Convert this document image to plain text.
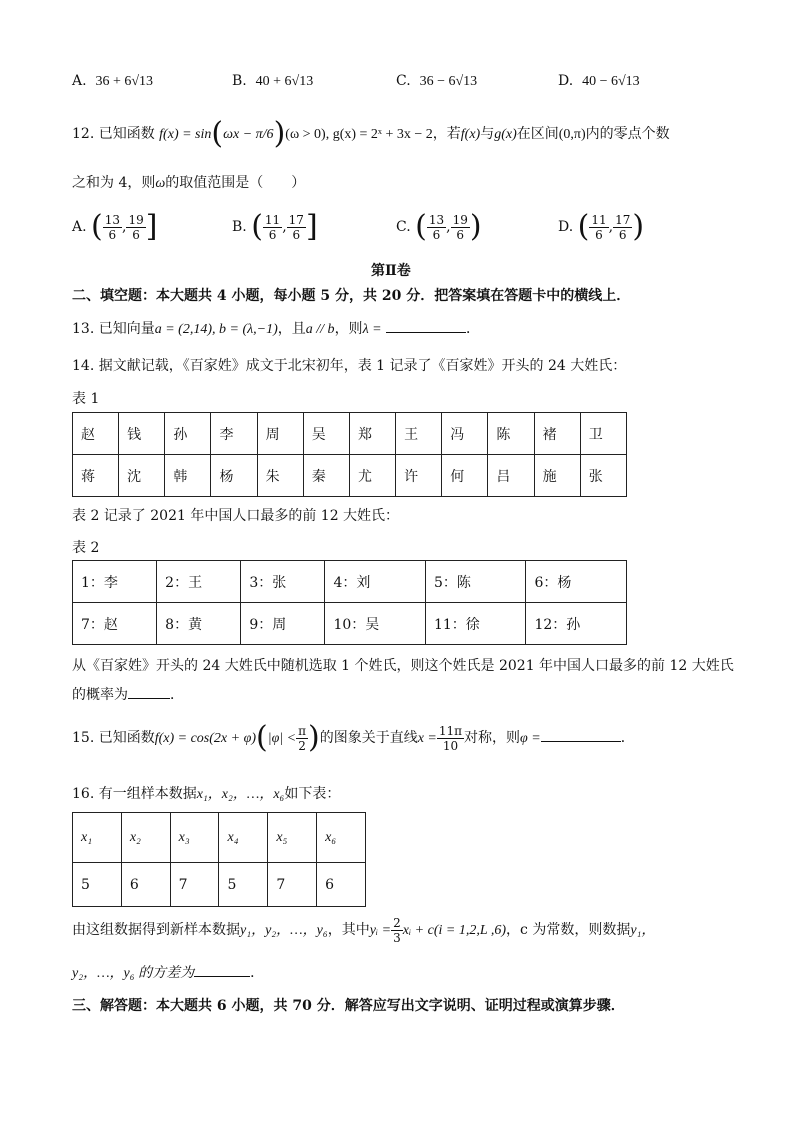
A. 36 + 6√13	B. 40 + 6√13	C. 36 − 6√13	D. 40 − 6√13
12. 已知函数 f(x) = sin(ωx − π/6)(ω > 0), g(x) = 2ˣ + 3x − 2，若f(x)与g(x)在区间(0,π)内的零点个数
之和为 4，则ω的取值范围是（　　）
A. ( $\frac{13}{6}$ , $\frac{19}{6}$ ]	B. ( $\frac{11}{6}$ , $\frac{17}{6}$ ]	C. ( $\frac{13}{6}$ , $\frac{19}{6}$ )	D. ( $\frac{11}{6}$ , $\frac{17}{6}$ )
第Ⅱ卷
二、填空题：本大题共 4 小题，每小题 5 分，共 20 分．把答案填在答题卡中的横线上．
13. 已知向量a = (2,14), b = (λ,−1)，且a // b，则λ =	．
14. 据文献记载，《百家姓》成文于北宋初年，表 1 记录了《百家姓》开头的 24 大姓氏：
表 1
赵	钱	孙	李	周	吴	郑	王	冯	陈	褚	卫
蒋	沈	韩	杨	朱	秦	尤	许	何	吕	施	张
表 2 记录了 2021 年中国人口最多的前 12 大姓氏：
表 2
1：李	2：王	3：张	4：刘	5：陈	6：杨
7：赵	8：黄	9：周	10：吴	11：徐	12：孙
从《百家姓》开头的 24 大姓氏中随机选取 1 个姓氏，则这个姓氏是 2021 年中国人口最多的前 12 大姓氏
的概率为	．
15. 已知函数$f(x) = \cos(2x + \varphi)(|\varphi| < \frac{\pi}{2}$ )的图象关于直线$x = \frac{11\pi}{10}$ 对称，则φ =	．
16. 有一组样本数据x₁，x₂，…，x₆如下表：
x₁	x₂	x₃	x₄	x₅	x₆
5	6	7	5	7	6
由这组数据得到新样本数据y₁，y₂，…，y₆，其中yᵢ = $\frac{2}{3}$ xᵢ + c(i = 1,2,L ,6)，c 为常数，则数据y₁，
y₂，…，y₆ 的方差为	．
三、解答题：本大题共 6 小题，共 70 分．解答应写出文字说明、证明过程或演算步骤．
